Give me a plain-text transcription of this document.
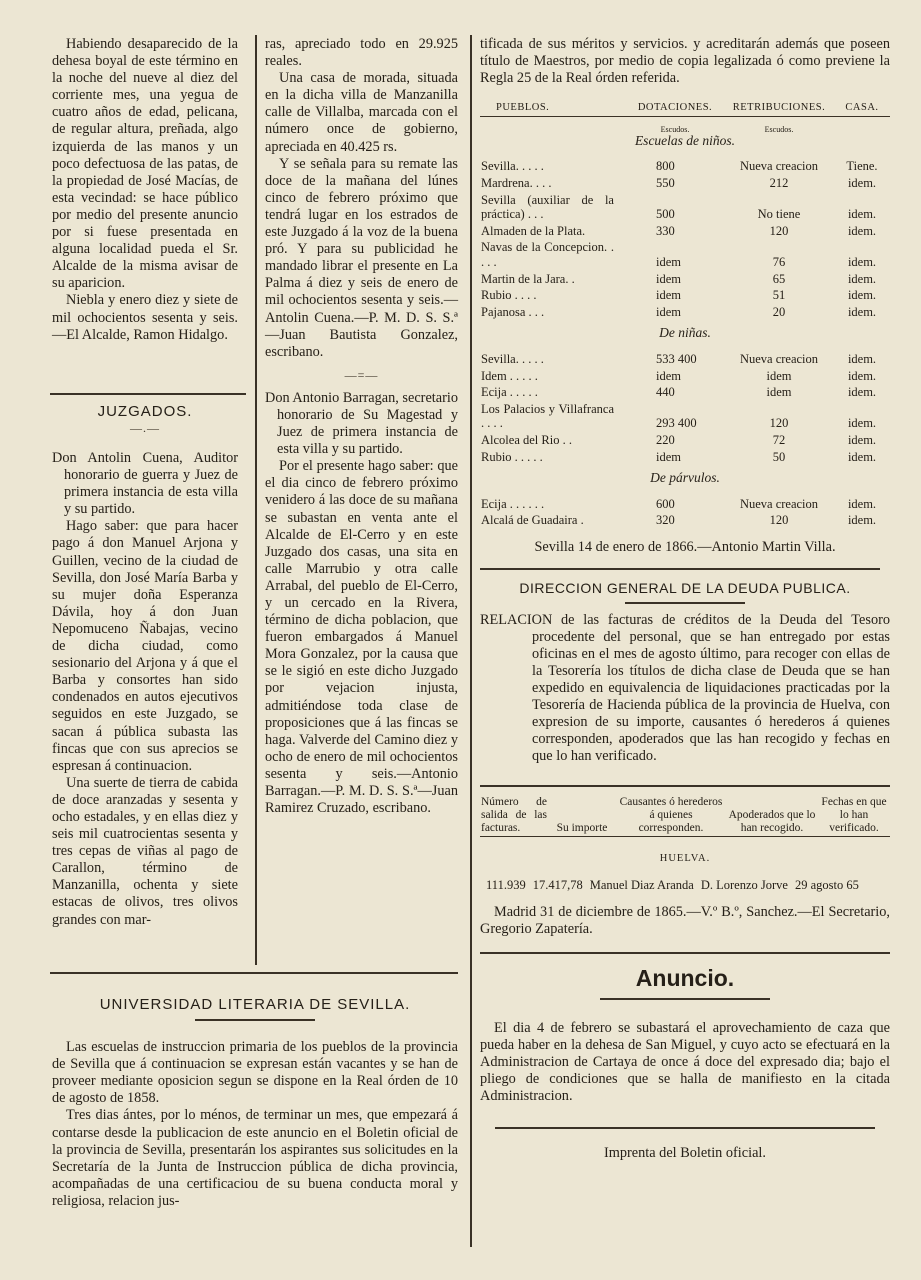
Habiendo desaparecido de la dehesa boyal de este término en la noche del nueve al diez del corriente mes, una yegua de cuatro años de edad, pelicana, de regular altura, preñada, algo izquierda de las manos y un poco defectuosa de las patas, de la propiedad de José Macías, de esta vecindad: se hace público por medio del presente anuncio por si fuese presentada en alguna localidad pueda el Sr. Alcalde de la misma avisar de su aparicion.

Niebla y enero diez y siete de mil ochocientos sesenta y seis.—El Alcalde, Ramon Hidalgo.

JUZGADOS.
—.—

Don Antolin Cuena, Auditor honorario de guerra y Juez de primera instancia de esta villa y su partido.

Hago saber: que para hacer pago á don Manuel Arjona y Guillen, vecino de la ciudad de Sevilla, don José María Barba y su mujer doña Esperanza Dávila, hoy á don Juan Nepomuceno Ñabajas, vecino de dicha ciudad, como sesionario del Arjona y á que el Barba y consortes han sido condenados en autos ejecutivos seguidos en este Juzgado, se sacan á pública subasta las fincas que con sus aprecios se espresan á continuacion.

Una suerte de tierra de cabida de doce aranzadas y sesenta y ocho estadales, y en ellas diez y seis mil cuatrocientas sesenta y tres cepas de viñas al pago de Carallon, término de Manzanilla, ochenta y siete estacas de olivos, tres olivos grandes con mar-

ras, apreciado todo en 29.925 reales.

Una casa de morada, situada en la dicha villa de Manzanilla calle de Villalba, marcada con el número once de gobierno, apreciada en 40.425 rs.

Y se señala para su remate las doce de la mañana del lúnes cinco de febrero próximo que tendrá lugar en los estrados de este Juzgado á la voz de la buena pró. Y para su publicidad he mandado librar el presente en La Palma á diez y seis de enero de mil ochocientos sesenta y seis.—Antolin Cuena.—P. M. D. S. S.ª—Juan Bautista Gonzalez, escribano.

—=—

Don Antonio Barragan, secretario honorario de Su Magestad y Juez de primera instancia de esta villa y su partido.

Por el presente hago saber: que el dia cinco de febrero próximo venidero á las doce de su mañana se subastan en venta ante el Alcalde de El-Cerro y en este Juzgado dos casas, una sita en calle Marrubio y otra calle Arrabal, del pueblo de El-Cerro, y un cercado en la Rivera, término de dicha poblacion, que fueron embargados á Manuel Mora Gonzalez, por la causa que se le sigió en este dicho Juzgado por vejacion injusta, admitiéndose toda clase de proposiciones que á las fincas se haga. Valverde del Camino diez y ocho de enero de mil ochocientos sesenta y seis.—Antonio Barragan.—P. M. D. S. S.ª—Juan Ramirez Cruzado, escribano.

UNIVERSIDAD LITERARIA DE SEVILLA.

Las escuelas de instruccion primaria de los pueblos de la provincia de Sevilla que á continuacion se expresan están vacantes y se han de proveer mediante oposicion segun se dispone en la Real órden de 10 de agosto de 1858.

Tres dias ántes, por lo ménos, de terminar un mes, que empezará á contarse desde la publicacion de este anuncio en el Boletin oficial de la provincia de Sevilla, presentarán los aspirantes sus solicitudes en la Secretaría de la Junta de Instruccion pública de dicha provincia, acompañadas de una certificaciou de su buena conducta moral y religiosa, relacion jus-

tificada de sus méritos y servicios. y acreditarán además que poseen título de Maestros, por medio de copia legalizada ó como previene la Regla 25 de la Real órden referida.

PUEBLOS.	DOTACIONES.	RETRIBUCIONES.	CASA.

	Escudos.	Escudos.	
Escuelas de niños.			
Sevilla. . . . .	800	Nueva creacion	Tiene.
Mardrena. . . .	550	212	idem.
Sevilla (auxiliar de la práctica) . . .	500	No tiene	idem.
Almaden de la Plata.	330	120	idem.
Navas de la Concepcion. . . . .	idem	76	idem.
Martin de la Jara. .	idem	65	idem.
Rubio . . . .	idem	51	idem.
Pajanosa . . .	idem	20	idem.
De niñas.			
Sevilla. . . . .	533 400	Nueva creacion	idem.
Idem . . . . .	idem	idem	idem.
Ecija . . . . .	440	idem	idem.
Los Palacios y Villafranca . . . .	293 400	120	idem.
Alcolea del Rio . .	220	72	idem.
Rubio . . . . .	idem	50	idem.
De párvulos.			
Ecija . . . . . .	600	Nueva creacion	idem.
Alcalá de Guadaira .	320	120	idem.
Sevilla 14 de enero de 1866.—Antonio Martin Villa.
DIRECCION GENERAL DE LA DEUDA PUBLICA.

RELACION de las facturas de créditos de la Deuda del Tesoro procedente del personal, que se han entregado por estas oficinas en el mes de agosto último, para recoger con ellas de la Tesorería los títulos de dicha clase de Deuda que se han expedido en equivalencia de liquidaciones practicadas por la Tesorería de Hacienda pública de la provincia de Huelva, con expresion de su importe, causantes ó herederos á quienes corresponden, apoderados que las han recogido y fechas en que lo han verificado.

Número de salida de las facturas.	Su importe	Causantes ó herederos á quienes corresponden.	Apoderados que lo han recogido.	Fechas en que lo han verificado.

HUELVA.
111.939 17.417,78 Manuel Diaz Aranda D. Lorenzo Jorve 29 agosto 65

Madrid 31 de diciembre de 1865.—V.º B.º, Sanchez.—El Secretario, Gregorio Zapatería.

Anuncio.

El dia 4 de febrero se subastará el aprovechamiento de caza que pueda haber en la dehesa de San Miguel, y cuyo acto se efectuará en la Administracion de Cartaya de once á doce del expresado dia; bajo el pliego de condiciones que se halla de manifiesto en la citada Administracion.

Imprenta del Boletin oficial.
